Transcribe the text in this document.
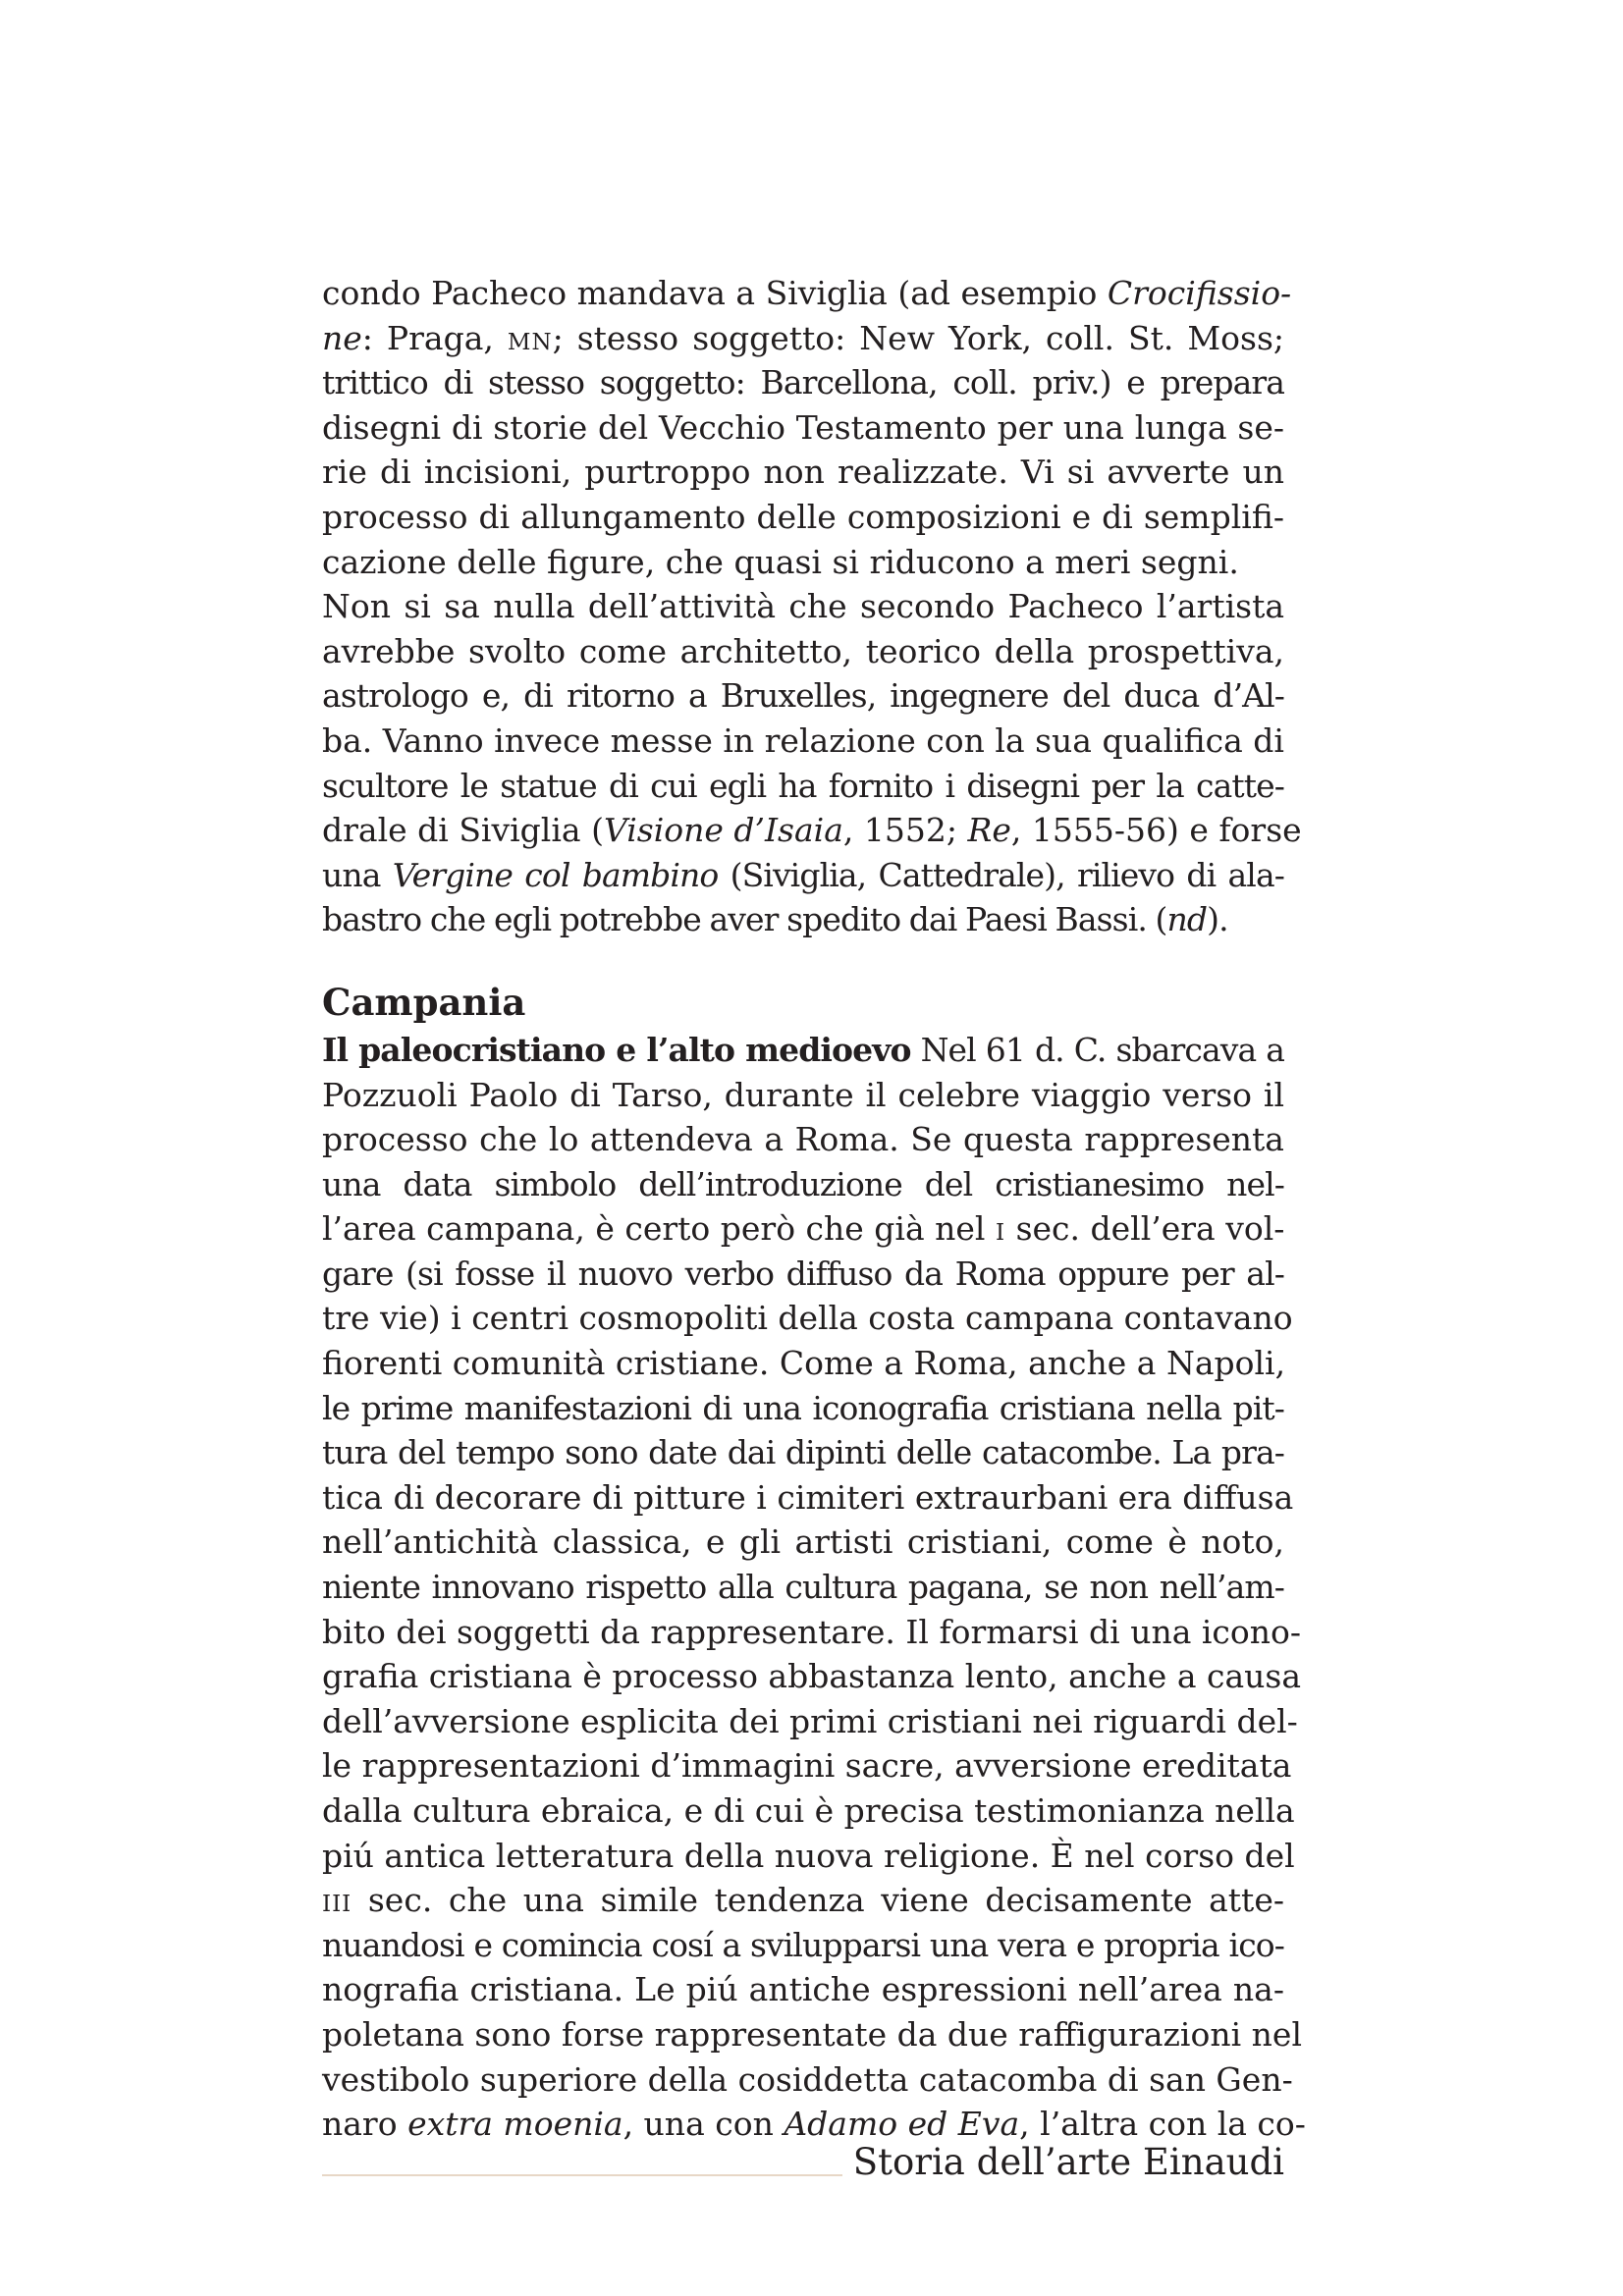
condo Pacheco mandava a Siviglia (ad esempio Crocifissio-
ne: Praga, mn; stesso soggetto: New York, coll. St. Moss;
trittico di stesso soggetto: Barcellona, coll. priv.) e prepara
disegni di storie del Vecchio Testamento per una lunga se-
rie di incisioni, purtroppo non realizzate. Vi si avverte un
processo di allungamento delle composizioni e di semplifi-
cazione delle figure, che quasi si riducono a meri segni.
Non si sa nulla dell’attività che secondo Pacheco l’artista
avrebbe svolto come architetto, teorico della prospettiva,
astrologo e, di ritorno a Bruxelles, ingegnere del duca d’Al-
ba. Vanno invece messe in relazione con la sua qualifica di
scultore le statue di cui egli ha fornito i disegni per la catte-
drale di Siviglia (Visione d’Isaia, 1552; Re, 1555-56) e forse
una Vergine col bambino (Siviglia, Cattedrale), rilievo di ala-
bastro che egli potrebbe aver spedito dai Paesi Bassi. (nd).
Campania
Il paleocristiano e l’alto medioevo Nel 61 d. C. sbarcava a
Pozzuoli Paolo di Tarso, durante il celebre viaggio verso il
processo che lo attendeva a Roma. Se questa rappresenta
una data simbolo dell’introduzione del cristianesimo nel-
l’area campana, è certo però che già nel i sec. dell’era vol-
gare (si fosse il nuovo verbo diffuso da Roma oppure per al-
tre vie) i centri cosmopoliti della costa campana contavano
fiorenti comunità cristiane. Come a Roma, anche a Napoli,
le prime manifestazioni di una iconografia cristiana nella pit-
tura del tempo sono date dai dipinti delle catacombe. La pra-
tica di decorare di pitture i cimiteri extraurbani era diffusa
nell’antichità classica, e gli artisti cristiani, come è noto,
niente innovano rispetto alla cultura pagana, se non nell’am-
bito dei soggetti da rappresentare. Il formarsi di una icono-
grafia cristiana è processo abbastanza lento, anche a causa
dell’avversione esplicita dei primi cristiani nei riguardi del-
le rappresentazioni d’immagini sacre, avversione ereditata
dalla cultura ebraica, e di cui è precisa testimonianza nella
piú antica letteratura della nuova religione. È nel corso del
iii sec. che una simile tendenza viene decisamente atte-
nuandosi e comincia cosí a svilupparsi una vera e propria ico-
nografia cristiana. Le piú antiche espressioni nell’area na-
poletana sono forse rappresentate da due raffigurazioni nel
vestibolo superiore della cosiddetta catacomba di san Gen-
naro extra moenia, una con Adamo ed Eva, l’altra con la co-
Storia dell’arte Einaudi
